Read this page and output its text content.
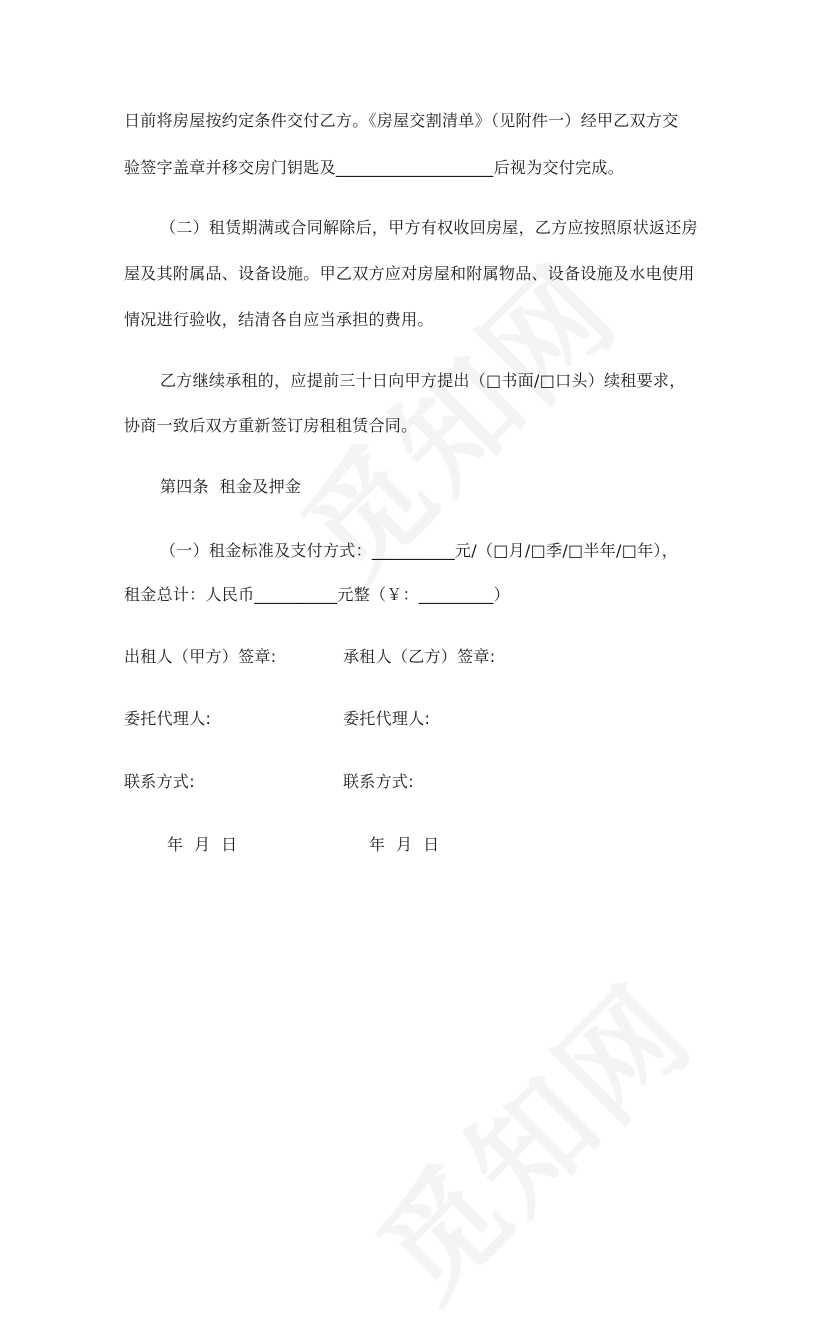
日前将房屋按约定条件交付乙方。《房屋交割清单》（见附件一）经甲乙双方交
验签字盖章并移交房门钥匙及___________________后视为交付完成。
（二）租赁期满或合同解除后，甲方有权收回房屋，乙方应按照原状返还房
屋及其附属品、设备设施。甲乙双方应对房屋和附属物品、设备设施及水电使用
情况进行验收，结清各自应当承担的费用。
乙方继续承租的，应提前三十日向甲方提出（□书面/□口头）续租要求，
协商一致后双方重新签订房租租赁合同。
第四条  租金及押金
（一）租金标准及支付方式：__________元/（□月/□季/□半年/□年），
租金总计：人民币__________元整（￥：_________）
出租人（甲方）签章:	承租人（乙方）签章:
委托代理人:	委托代理人:
联系方式:	联系方式:
年  月  日	年  月  日
